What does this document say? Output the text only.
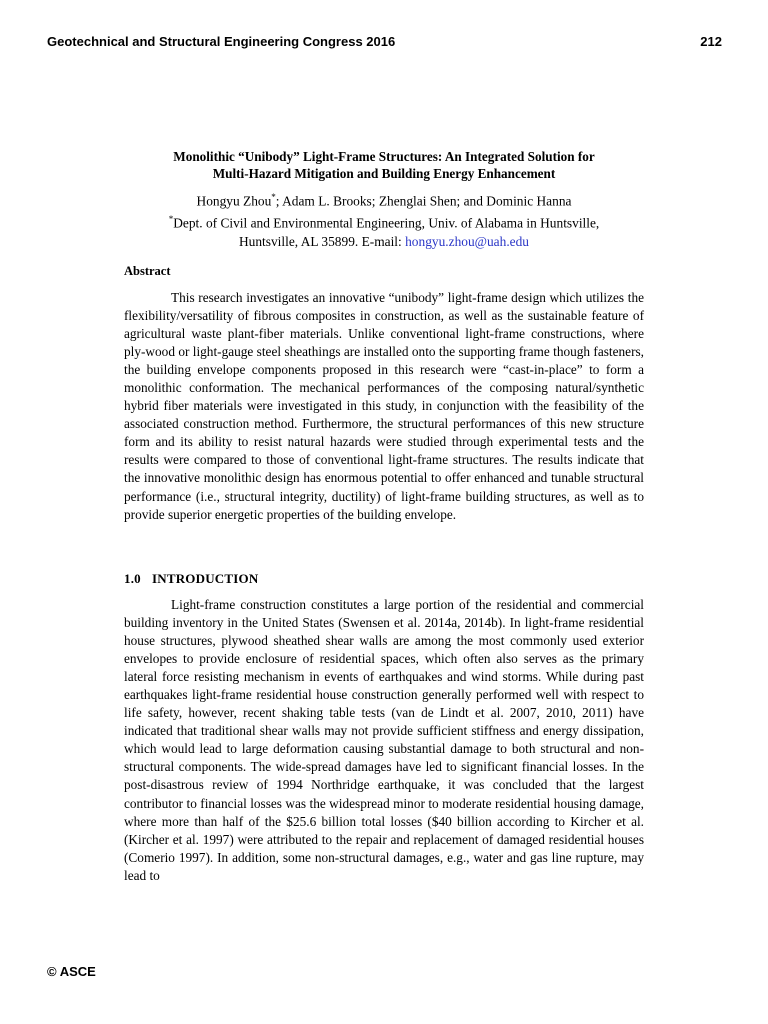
Geotechnical and Structural Engineering Congress 2016	212
Monolithic “Unibody” Light-Frame Structures: An Integrated Solution for
Multi-Hazard Mitigation and Building Energy Enhancement
Hongyu Zhou*; Adam L. Brooks; Zhenglai Shen; and Dominic Hanna
*Dept. of Civil and Environmental Engineering, Univ. of Alabama in Huntsville,
Huntsville, AL 35899. E-mail: hongyu.zhou@uah.edu
Abstract

This research investigates an innovative “unibody” light-frame design which utilizes the flexibility/versatility of fibrous composites in construction, as well as the sustainable feature of agricultural waste plant-fiber materials. Unlike conventional light-frame constructions, where ply-wood or light-gauge steel sheathings are installed onto the supporting frame though fasteners, the building envelope components proposed in this research were “cast-in-place” to form a monolithic conformation. The mechanical performances of the composing natural/synthetic hybrid fiber materials were investigated in this study, in conjunction with the feasibility of the associated construction method. Furthermore, the structural performances of this new structure form and its ability to resist natural hazards were studied through experimental tests and the results were compared to those of conventional light-frame structures. The results indicate that the innovative monolithic design has enormous potential to offer enhanced and tunable structural performance (i.e., structural integrity, ductility) of light-frame building structures, as well as to provide superior energetic properties of the building envelope.

1.0 INTRODUCTION

Light-frame construction constitutes a large portion of the residential and commercial building inventory in the United States (Swensen et al. 2014a, 2014b). In light-frame residential house structures, plywood sheathed shear walls are among the most commonly used exterior envelopes to provide enclosure of residential spaces, which often also serves as the primary lateral force resisting mechanism in events of earthquakes and wind storms. While during past earthquakes light-frame residential house construction generally performed well with respect to life safety, however, recent shaking table tests (van de Lindt et al. 2007, 2010, 2011) have indicated that traditional shear walls may not provide sufficient stiffness and energy dissipation, which would lead to large deformation causing substantial damage to both structural and non-structural components. The wide-spread damages have led to significant financial losses. In the post-disastrous review of 1994 Northridge earthquake, it was concluded that the largest contributor to financial losses was the widespread minor to moderate residential housing damage, where more than half of the $25.6 billion total losses ($40 billion according to Kircher et al. (Kircher et al. 1997) were attributed to the repair and replacement of damaged residential houses (Comerio 1997). In addition, some non-structural damages, e.g., water and gas line rupture, may lead to

© ASCE
